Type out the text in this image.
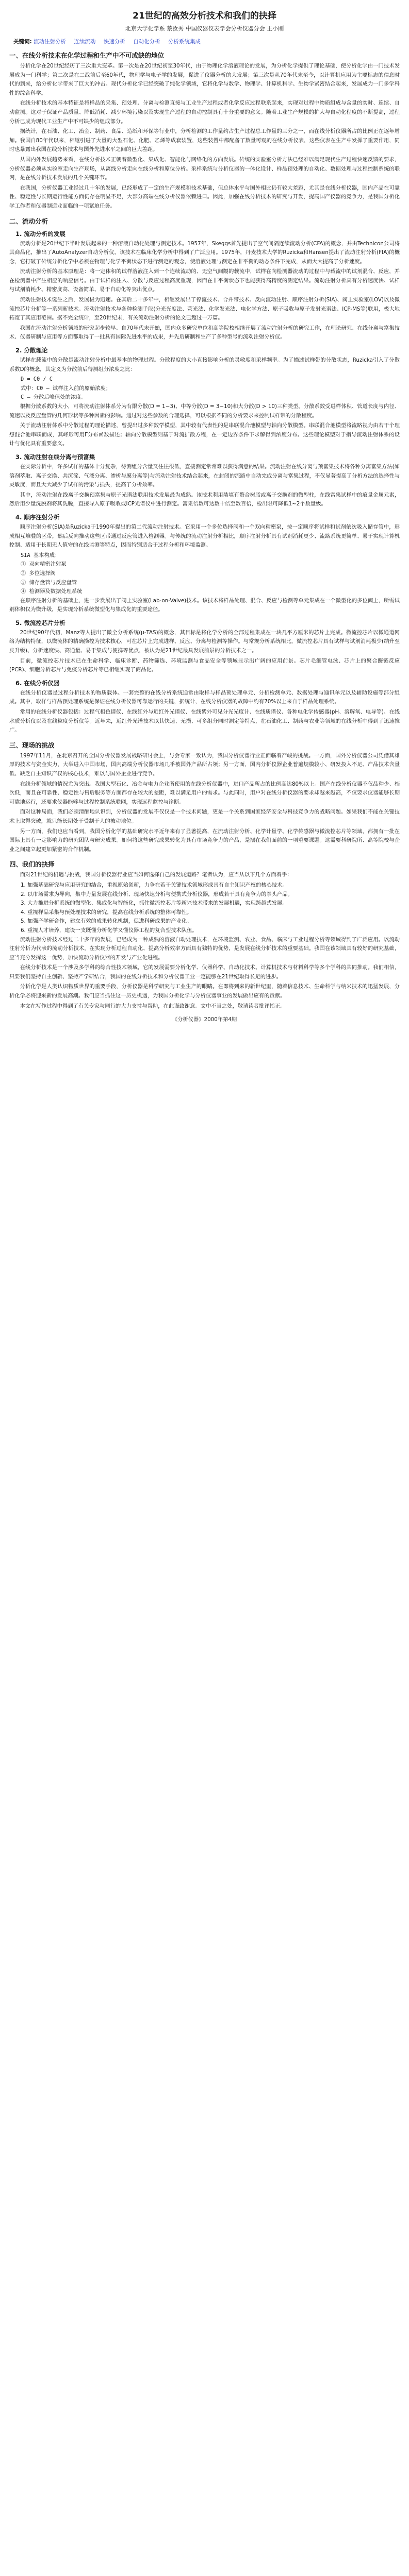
21世纪的高效分析技术和我们的抉择
北京大学化学系 蔡汝秀 中国仪器仪表学会分析仪器分会 王小刚
关键词: 流动注射分析 连续流动 快速分析 自动化分析 分析系统集成
一、在线分析技术在化学过程和生产中不可或缺的地位

分析化学在20世纪经历了三次重大变革。第一次是在20世纪初至30年代，由于物理化学溶液理论的发展，为分析化学提供了理论基础，使分析化学由一门技术发展成为一门科学；第二次是在二战前后至60年代，物理学与电子学的发展，促进了仪器分析的大发展；第三次是从70年代末至今，以计算机应用为主要标志的信息时代的到来，给分析化学带来了巨大的冲击。现代分析化学已经突破了纯化学领域，它将化学与数学、物理学、计算机科学、生物学紧密结合起来，发展成为一门多学科性的综合科学。

在线分析技术的基本特征是将样品的采集、预处理、分离与检测直接与工业生产过程或者化学反应过程联系起来，实现对过程中物质组成与含量的实时、连续、自动监测。这对于保证产品质量、降低消耗、减少环境污染以及实现生产过程的自动控制具有十分重要的意义。随着工业生产规模的扩大与自动化程度的不断提高，过程分析已成为现代工业生产中不可缺少的组成部分。

据统计，在石油、化工、冶金、制药、食品、造纸和环保等行业中，分析检测的工作量约占生产过程总工作量的三分之一，而在线分析仪器所占的比例正在逐年增加。我国自80年代以来，相继引进了大量的大型石化、化肥、乙烯等成套装置，这些装置中都配备了数量可观的在线分析仪表，这些仪表在生产中发挥了重要作用，同时也暴露出我国在线分析技术与国外先进水平之间的巨大差距。

从国内外发展趋势来看，在线分析技术正朝着微型化、集成化、智能化与网络化的方向发展。传统的实验室分析方法已经难以满足现代生产过程快速反馈的要求，分析仪器必须从实验室走向生产现场，从离线分析走向在线分析和原位分析。采样系统与分析仪器的一体化设计、样品预处理的自动化、数据处理与过程控制系统的联网，是在线分析技术发展的几个关键环节。

在我国，分析仪器工业经过几十年的发展，已经形成了一定的生产规模和技术基础，但总体水平与国外相比仍有较大差距，尤其是在线分析仪器，国内产品在可靠性、稳定性与长期运行性能方面仍存在明显不足，大部分高端在线分析仪器依赖进口。因此，加强在线分析技术的研究与开发，提高国产仪器的竞争力，是我国分析化学工作者和仪器制造业面临的一项紧迫任务。

二、流动分析
1. 流动分析的发展

流动分析是20世纪下半叶发展起来的一种溶液自动化处理与测定技术。1957年，Skeggs首先提出了空气间隔连续流动分析(CFA)的概念，并由Technicon公司将其商品化，推出了AutoAnalyzer自动分析仪，该技术在临床化学分析中得到了广泛应用。1975年，丹麦技术大学的Ruzicka和Hansen提出了流动注射分析(FIA)的概念，它打破了传统分析化学中必须在物理与化学平衡状态下进行测定的观念，使溶液处理与测定在非平衡的动态条件下完成，从而大大提高了分析速度。

流动注射分析的基本原理是：将一定体积的试样溶液注入到一个连续流动的、无空气间隔的载流中，试样在向检测器流动的过程中与载流中的试剂混合、反应，并在检测器中产生相应的响应信号。由于试样的注入、分散与反应过程高度重现，因而在非平衡状态下也能获得高精度的测定结果。流动注射分析具有分析速度快、试样与试剂消耗少、精密度高、设备简单、易于自动化等突出优点。

流动注射技术诞生之后，发展极为迅速。在其后二十多年中，相继发展出了停流技术、合并带技术、反向流动注射、顺序注射分析(SIA)、阀上实验室(LOV)以及微流控芯片分析等一系列新技术。流动注射技术与各种检测手段(分光光度法、荧光法、化学发光法、电化学方法、原子吸收与原子发射光谱法、ICP-MS等)联用，极大地拓宽了其应用范围。据不完全统计，至20世纪末，有关流动注射分析的论文已超过一万篇。

我国在流动注射分析领域的研究起步较早。自70年代末开始，国内众多研究单位和高等院校相继开展了流动注射分析的研究工作，在理论研究、在线分离与富集技术、仪器研制与应用等方面都取得了一批具有国际先进水平的成果，并先后研制和生产了多种型号的流动注射分析仪。

2. 分散理论

试样在载流中的分散是流动注射分析中最基本的物理过程。分散程度的大小直接影响分析的灵敏度和采样频率。为了描述试样带的分散状态，Ruzicka引入了分散系数D的概念，其定义为分散前后待测组分浓度之比：

D = C0 / C
式中：C0 — 试样注入前的原始浓度；
C — 分散后峰值处的浓度。

根据分散系数的大小，可将流动注射体系分为有限分散(D = 1~3)、中等分散(D = 3~10)和大分散(D > 10)三种类型。分散系数受进样体积、管道长度与内径、流速以及反应盘管的几何形状等多种因素的影响。通过对这些参数的合理选择，可以根据不同的分析要求来控制试样带的分散程度。

关于流动注射体系中分散过程的理论描述，曾提出过多种数学模型，其中较有代表性的是串联混合池模型与轴向分散模型。串联混合池模型将流路视为由若干个理想混合池串联而成，其峰形可用Γ分布函数描述；轴向分散模型则基于对流扩散方程，在一定边界条件下求解得到浓度分布。这些理论模型对于指导流动注射体系的设计与优化具有重要意义。

3. 流动注射在线分离与预富集

在实际分析中，许多试样的基体十分复杂，待测组分含量又往往很低，直接测定常常难以获得满意的结果。流动注射在线分离与预富集技术将各种分离富集方法(如溶剂萃取、离子交换、共沉淀、气液分离、渗析与膜分离等)与流动注射技术结合起来，在封闭的流路中自动完成分离与富集过程，不仅显著提高了分析方法的选择性与灵敏度，而且大大减少了试样的污染与损失，提高了分析效率。

其中，流动注射在线离子交换预富集与原子光谱法联用技术发展最为成熟。该技术利用装填有螯合树脂或离子交换剂的微型柱，在线富集试样中的痕量金属元素，然后用少量洗脱剂将其洗脱，直接导入原子吸收或ICP光谱仪中进行测定。富集倍数可达数十倍至数百倍，检出限可降低1~2个数量级。

4. 顺序注射分析

顺序注射分析(SIA)是Ruzicka于1990年提出的第二代流动注射技术。它采用一个多位选择阀和一个双向精密泵，按一定顺序将试样和试剂依次吸入储存管中，形成相互堆叠的区带，然后反向推动这些区带通过反应管进入检测器。与传统的流动注射分析相比，顺序注射分析具有试剂消耗更少、流路系统更简单、易于实现计算机控制、适用于长期无人值守的在线监测等特点，因而特别适合于过程分析和环境监测。

SIA 基本构成：
① 双向精密注射泵
② 多位选择阀
③ 储存盘管与反应盘管
④ 检测器及数据处理系统

在顺序注射分析的基础上，进一步发展出了阀上实验室(Lab-on-Valve)技术。该技术将样品处理、混合、反应与检测等单元集成在一个微型化的多位阀上，所需试剂体积仅为微升级，是实现分析系统微型化与集成化的重要途径。

5. 微流控芯片分析

20世纪90年代初，Manz等人提出了微全分析系统(μ-TAS)的概念，其目标是将化学分析的全部过程集成在一块几平方厘米的芯片上完成。微流控芯片以微通道网络为结构特征，以微流体的精确操控为技术核心，可在芯片上完成进样、反应、分离与检测等操作。与常规分析系统相比，微流控芯片具有试样与试剂消耗极少(纳升至皮升级)、分析速度快、高通量、易于集成与便携等优点，被认为是21世纪最具发展前景的分析技术之一。

目前，微流控芯片技术已在生命科学、临床诊断、药物筛选、环境监测与食品安全等领域显示出广阔的应用前景。芯片毛细管电泳、芯片上的聚合酶链反应(PCR)、细胞分析芯片与免疫分析芯片等已相继实现了商品化。

6. 在线分析仪器

在线分析仪器是过程分析技术的物质载体。一套完整的在线分析系统通常由取样与样品预处理单元、分析检测单元、数据处理与通讯单元以及辅助设施等部分组成。其中，取样与样品预处理系统是保证在线分析仪器可靠运行的关键，据统计，在线分析仪器的故障中约有70%以上来自于样品处理系统。

常用的在线分析仪器包括：过程气相色谱仪、在线红外与近红外光谱仪、在线紫外可见分光光度计、在线质谱仪、各种电化学传感器(pH、溶解氧、电导等)、在线水质分析仪以及在线粒度分析仪等。近年来，近红外光谱技术以其快速、无损、可多组分同时测定等特点，在石油化工、制药与农业等领域的在线分析中得到了迅速推广。

三、现场的挑战

1997年11月，在北京召开的全国分析仪器发展战略研讨会上，与会专家一致认为，我国分析仪器行业正面临着严峻的挑战。一方面，国外分析仪器公司凭借其雄厚的技术与资金实力，大举进入中国市场，国内高端分析仪器市场几乎被国外产品所占领；另一方面，国内分析仪器企业普遍规模较小、研发投入不足、产品技术含量低、缺乏自主知识产权的核心技术，难以与国外企业进行竞争。

在线分析领域的情况尤为突出。我国大型石化、冶金与电力企业所使用的在线分析仪器中，进口产品所占的比例高达80%以上。国产在线分析仪器不仅品种少、档次低，而且在可靠性、稳定性与售后服务等方面都存在较大的差距，难以满足用户的需求。与此同时，用户对在线分析仪器的要求却越来越高，不仅要求仪器能够长期可靠地运行，还要求仪器能够与过程控制系统联网，实现远程监控与诊断。

面对这种局面，我们必须清醒地认识到，分析仪器的发展不仅仅是一个技术问题，更是一个关系到国家经济安全与科技竞争力的战略问题。如果我们不能在关键技术上取得突破，就只能长期处于受制于人的被动地位。

另一方面，我们也应当看到，我国分析化学的基础研究水平近年来有了显著提高，在流动注射分析、化学计量学、化学传感器与微流控芯片等领域，都拥有一批在国际上具有一定影响力的研究团队与研究成果。如何将这些研究成果转化为具有市场竞争力的产品，是摆在我们面前的一项重要课题。这需要科研院所、高等院校与企业之间建立起更加紧密的合作机制。

四、我们的抉择

面对21世纪的机遇与挑战，我国分析仪器行业应当如何选择自己的发展道路？笔者认为，应当从以下几个方面着手：

1. 加强基础研究与应用研究的结合，重视原始创新，力争在若干关键技术领域形成具有自主知识产权的核心技术。
2. 以市场需求为导向，集中力量发展在线分析、现场快速分析与便携式分析仪器，形成若干具有竞争力的拳头产品。
3. 大力推进分析系统的微型化、集成化与智能化，抓住微流控芯片等新兴技术带来的发展机遇，实现跨越式发展。
4. 重视样品采集与预处理技术的研究，提高在线分析系统的整体可靠性。
5. 加强产学研合作，建立有效的成果转化机制，促进科研成果的产业化。
6. 重视人才培养，建设一支既懂分析化学又懂仪器工程的复合型技术队伍。

流动注射分析技术经过二十多年的发展，已经成为一种成熟的溶液自动处理技术，在环境监测、农业、食品、临床与工业过程分析等领域得到了广泛应用。以流动注射分析为代表的流动分析技术，在实现分析过程自动化、提高分析效率方面具有独特的优势，是发展在线分析技术的重要基础。我国在该领域具有较好的研究基础，应当充分发挥这一优势，加快流动分析仪器的开发与产业化进程。

在线分析技术是一个涉及多学科的综合性技术领域，它的发展需要分析化学、仪器科学、自动化技术、计算机技术与材料科学等多个学科的共同推动。我们相信，只要我们坚持自主创新、坚持产学研结合，我国的在线分析技术和分析仪器工业一定能够在21世纪取得长足的进步。

分析化学是人类认识物质世界的重要手段，分析仪器是科学研究与工业生产的眼睛。在即将到来的新世纪里，随着信息技术、生命科学与纳米技术的迅猛发展，分析化学必将迎来新的发展高潮。我们应当抓住这一历史机遇，为我国分析化学与分析仪器事业的发展做出应有的贡献。

本文在写作过程中得到了有关专家与同行的大力支持与帮助，在此谨致谢意。文中不当之处，敬请读者批评指正。

《分析仪器》2000年第4期
